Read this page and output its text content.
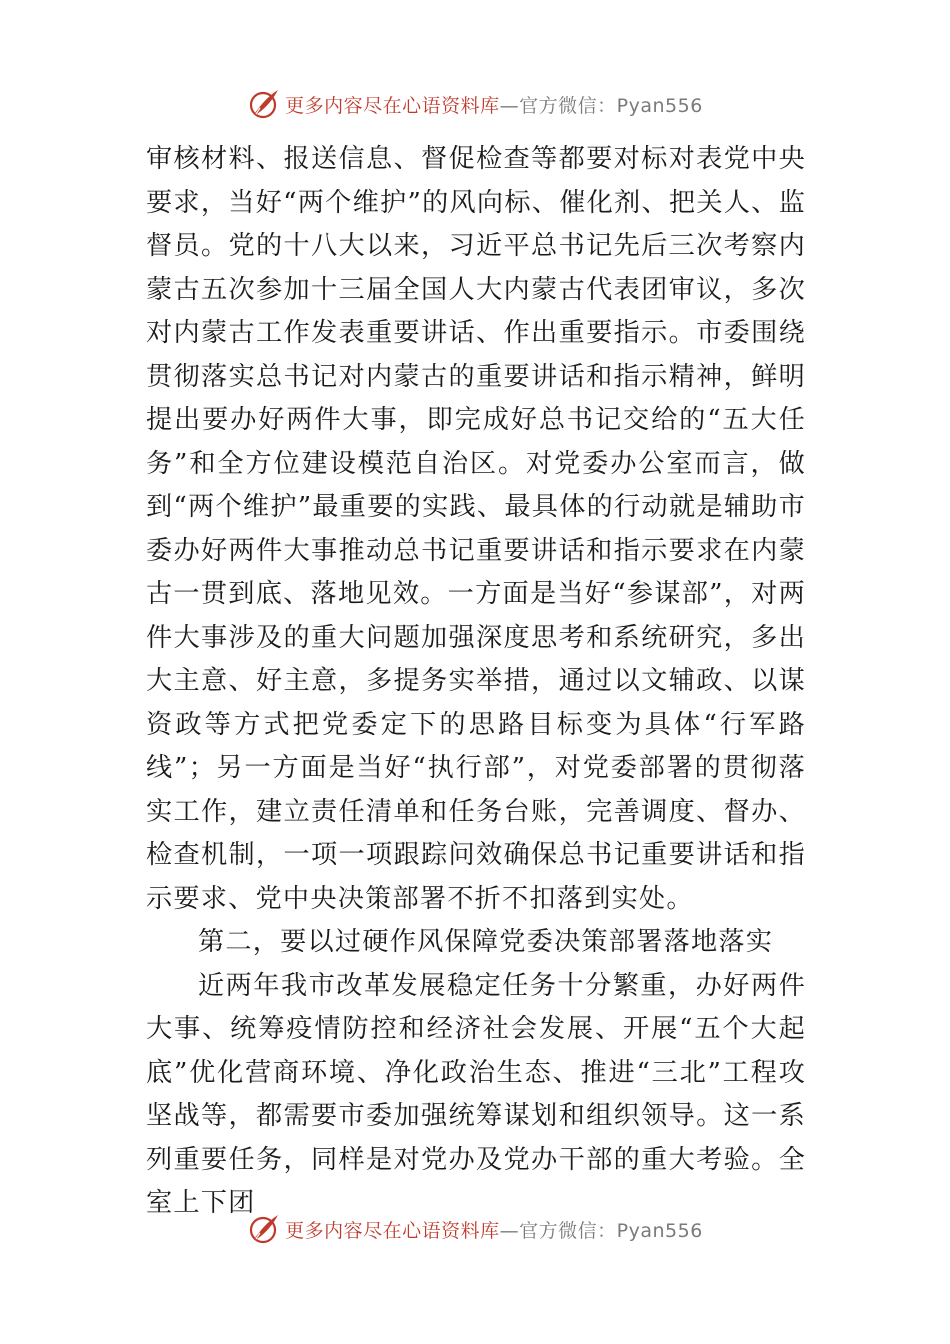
更多内容尽在心语资料库 —官方微信：Pyan556

审核材料、报送信息、督促检查等都要对标对表党中央要求，当好“两个维护”的风向标、催化剂、把关人、监督员。党的十八大以来，习近平总书记先后三次考察内蒙古五次参加十三届全国人大内蒙古代表团审议，多次对内蒙古工作发表重要讲话、作出重要指示。市委围绕贯彻落实总书记对内蒙古的重要讲话和指示精神，鲜明提出要办好两件大事，即完成好总书记交给的“五大任务”和全方位建设模范自治区。对党委办公室而言，做到“两个维护”最重要的实践、最具体的行动就是辅助市委办好两件大事推动总书记重要讲话和指示要求在内蒙古一贯到底、落地见效。一方面是当好“参谋部”，对两件大事涉及的重大问题加强深度思考和系统研究，多出大主意、好主意，多提务实举措，通过以文辅政、以谋资政等方式把党委定下的思路目标变为具体“行军路线”；另一方面是当好“执行部”，对党委部署的贯彻落实工作，建立责任清单和任务台账，完善调度、督办、检查机制，一项一项跟踪问效确保总书记重要讲话和指示要求、党中央决策部署不折不扣落到实处。

第二，要以过硬作风保障党委决策部署落地落实

近两年我市改革发展稳定任务十分繁重，办好两件大事、统筹疫情防控和经济社会发展、开展“五个大起底”优化营商环境、净化政治生态、推进“三北”工程攻坚战等，都需要市委加强统筹谋划和组织领导。这一系列重要任务，同样是对党办及党办干部的重大考验。全室上下团

更多内容尽在心语资料库 —官方微信：Pyan556
